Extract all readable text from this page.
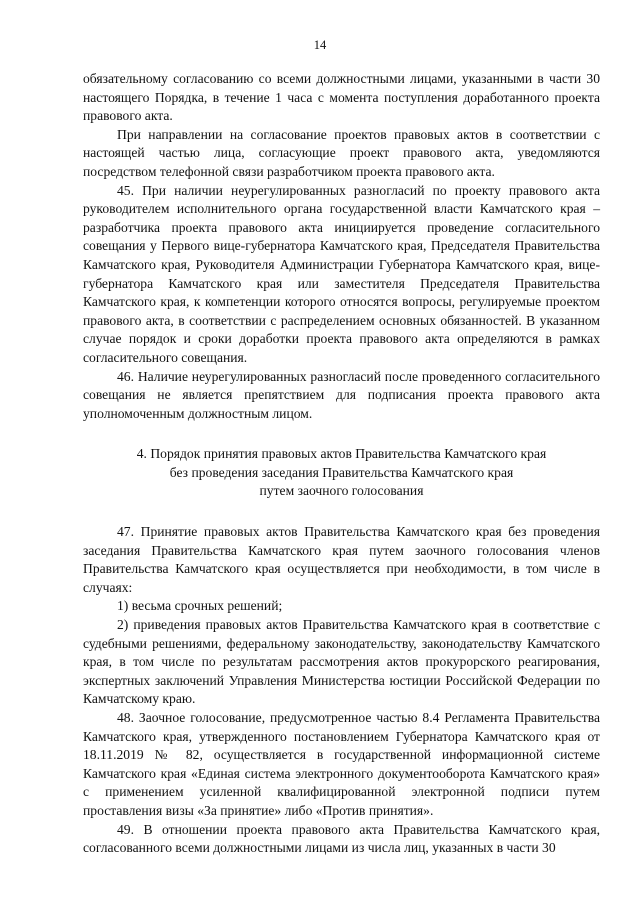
14

обязательному согласованию со всеми должностными лицами, указанными в части 30 настоящего Порядка, в течение 1 часа с момента поступления доработанного проекта правового акта.

При направлении на согласование проектов правовых актов в соответствии с настоящей частью лица, согласующие проект правового акта, уведомляются посредством телефонной связи разработчиком проекта правового акта.

45. При наличии неурегулированных разногласий по проекту правового акта руководителем исполнительного органа государственной власти Камчатского края – разработчика проекта правового акта инициируется проведение согласительного совещания у Первого вице-губернатора Камчатского края, Председателя Правительства Камчатского края, Руководителя Администрации Губернатора Камчатского края, вице-губернатора Камчатского края или заместителя Председателя Правительства Камчатского края, к компетенции которого относятся вопросы, регулируемые проектом правового акта, в соответствии с распределением основных обязанностей. В указанном случае порядок и сроки доработки проекта правового акта определяются в рамках согласительного совещания.

46. Наличие неурегулированных разногласий после проведенного согласительного совещания не является препятствием для подписания проекта правового акта уполномоченным должностным лицом.

4. Порядок принятия правовых актов Правительства Камчатского края
без проведения заседания Правительства Камчатского края
путем заочного голосования

47. Принятие правовых актов Правительства Камчатского края без проведения заседания Правительства Камчатского края путем заочного голосования членов Правительства Камчатского края осуществляется при необходимости, в том числе в случаях:

1) весьма срочных решений;

2) приведения правовых актов Правительства Камчатского края в соответствие с судебными решениями, федеральному законодательству, законодательству Камчатского края, в том числе по результатам рассмотрения актов прокурорского реагирования, экспертных заключений Управления Министерства юстиции Российской Федерации по Камчатскому краю.

48. Заочное голосование, предусмотренное частью 8.4 Регламента Правительства Камчатского края, утвержденного постановлением Губернатора Камчатского края от 18.11.2019 № 82, осуществляется в государственной информационной системе Камчатского края «Единая система электронного документооборота Камчатского края» с применением усиленной квалифицированной электронной подписи путем проставления визы «За принятие» либо «Против принятия».

49. В отношении проекта правового акта Правительства Камчатского края, согласованного всеми должностными лицами из числа лиц, указанных в части 30
